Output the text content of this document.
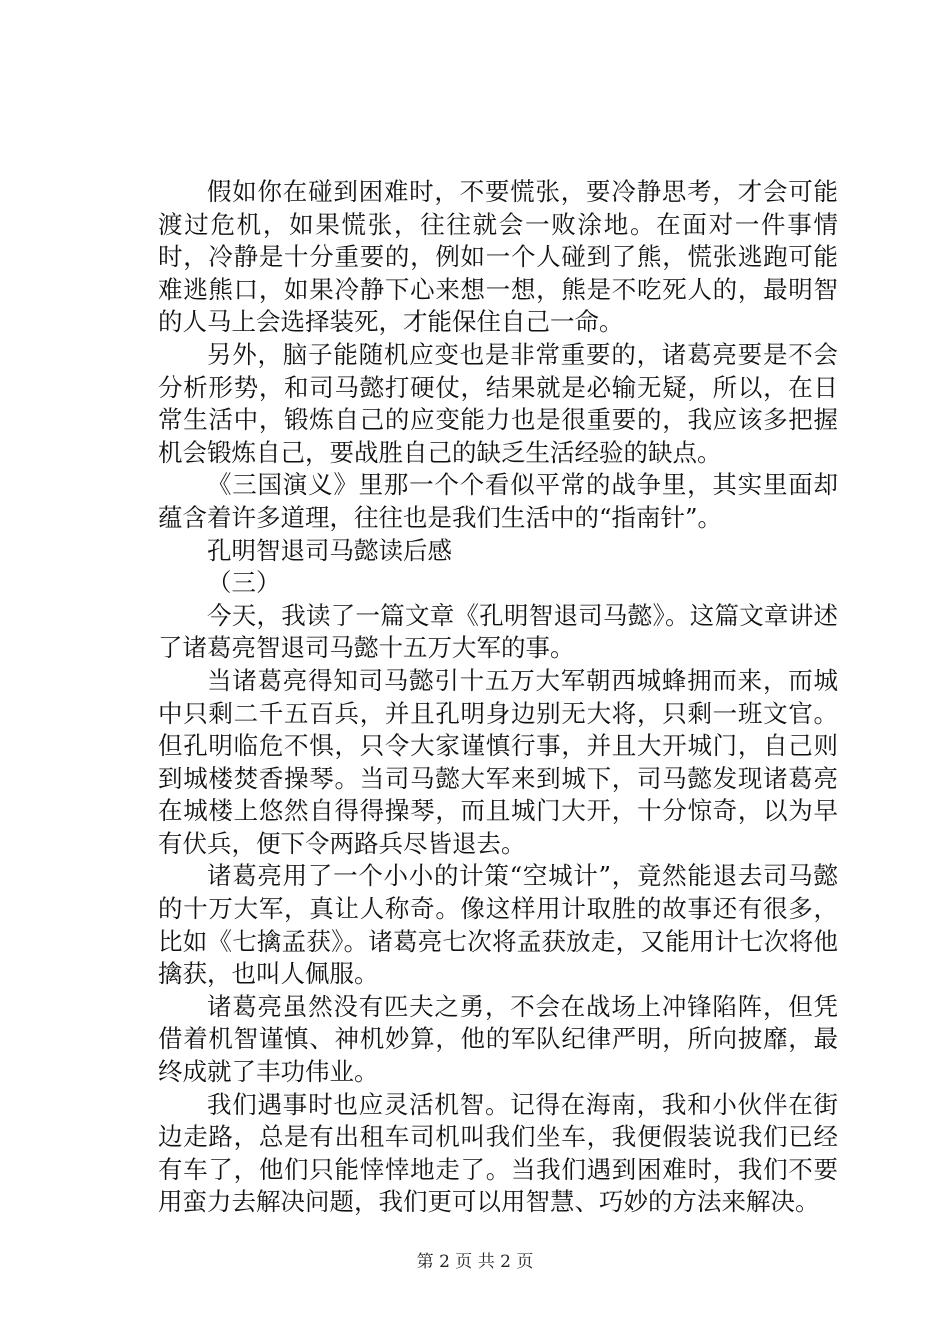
假如你在碰到困难时，不要慌张，要冷静思考，才会可能渡过危机，如果慌张，往往就会一败涂地。在面对一件事情时，冷静是十分重要的，例如一个人碰到了熊，慌张逃跑可能难逃熊口，如果冷静下心来想一想，熊是不吃死人的，最明智的人马上会选择装死，才能保住自己一命。

另外，脑子能随机应变也是非常重要的，诸葛亮要是不会分析形势，和司马懿打硬仗，结果就是必输无疑，所以，在日常生活中，锻炼自己的应变能力也是很重要的，我应该多把握机会锻炼自己，要战胜自己的缺乏生活经验的缺点。

《三国演义》里那一个个看似平常的战争里，其实里面却蕴含着许多道理，往往也是我们生活中的“指南针”。

孔明智退司马懿读后感

（三）

今天，我读了一篇文章《孔明智退司马懿》。这篇文章讲述了诸葛亮智退司马懿十五万大军的事。

当诸葛亮得知司马懿引十五万大军朝西城蜂拥而来，而城中只剩二千五百兵，并且孔明身边别无大将，只剩一班文官。但孔明临危不惧，只令大家谨慎行事，并且大开城门，自己则到城楼焚香操琴。当司马懿大军来到城下，司马懿发现诸葛亮在城楼上悠然自得得操琴，而且城门大开，十分惊奇，以为早有伏兵，便下令两路兵尽皆退去。

诸葛亮用了一个小小的计策“空城计”，竟然能退去司马懿的十万大军，真让人称奇。像这样用计取胜的故事还有很多，比如《七擒孟获》。诸葛亮七次将孟获放走，又能用计七次将他擒获，也叫人佩服。

诸葛亮虽然没有匹夫之勇，不会在战场上冲锋陷阵，但凭借着机智谨慎、神机妙算，他的军队纪律严明，所向披靡，最终成就了丰功伟业。

我们遇事时也应灵活机智。记得在海南，我和小伙伴在街边走路，总是有出租车司机叫我们坐车，我便假装说我们已经有车了，他们只能悻悻地走了。当我们遇到困难时，我们不要用蛮力去解决问题，我们更可以用智慧、巧妙的方法来解决。

第 2 页 共 2 页
